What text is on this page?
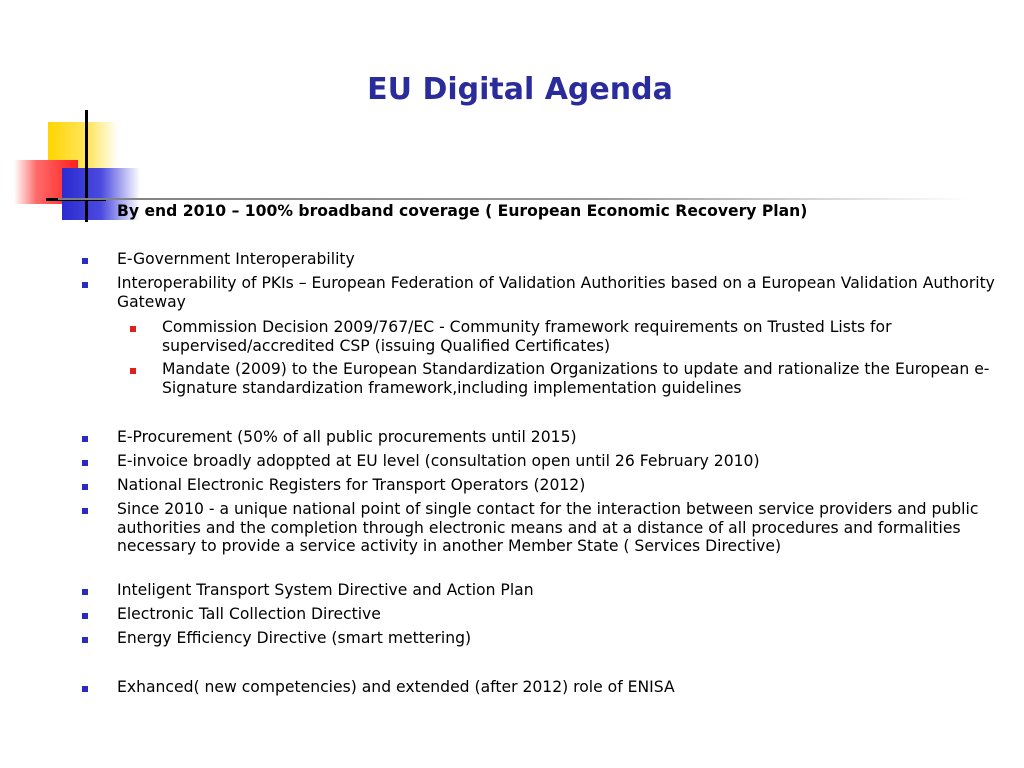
EU Digital Agenda
By end 2010 – 100% broadband coverage ( European Economic Recovery Plan)
E-Government Interoperability
Interoperability of PKIs – European Federation of Validation Authorities based on a European Validation Authority Gateway
Commission Decision 2009/767/EC - Community framework requirements on Trusted Lists for supervised/accredited CSP (issuing Qualified Certificates)
Mandate (2009) to the European Standardization Organizations to update and rationalize the European e-Signature standardization framework,including implementation guidelines
E-Procurement (50% of all public procurements until 2015)
E-invoice broadly adoppted at EU level (consultation open until 26 February 2010)
National Electronic Registers for Transport Operators (2012)
Since 2010 - a unique national point of single contact for the interaction between service providers and public authorities and the completion through electronic means and at a distance of all procedures and formalities necessary to provide a service activity in another Member State ( Services Directive)
Inteligent Transport System Directive and Action Plan
Electronic Tall Collection Directive
Energy Efficiency Directive (smart mettering)
Exhanced( new competencies) and extended (after 2012) role of ENISA
